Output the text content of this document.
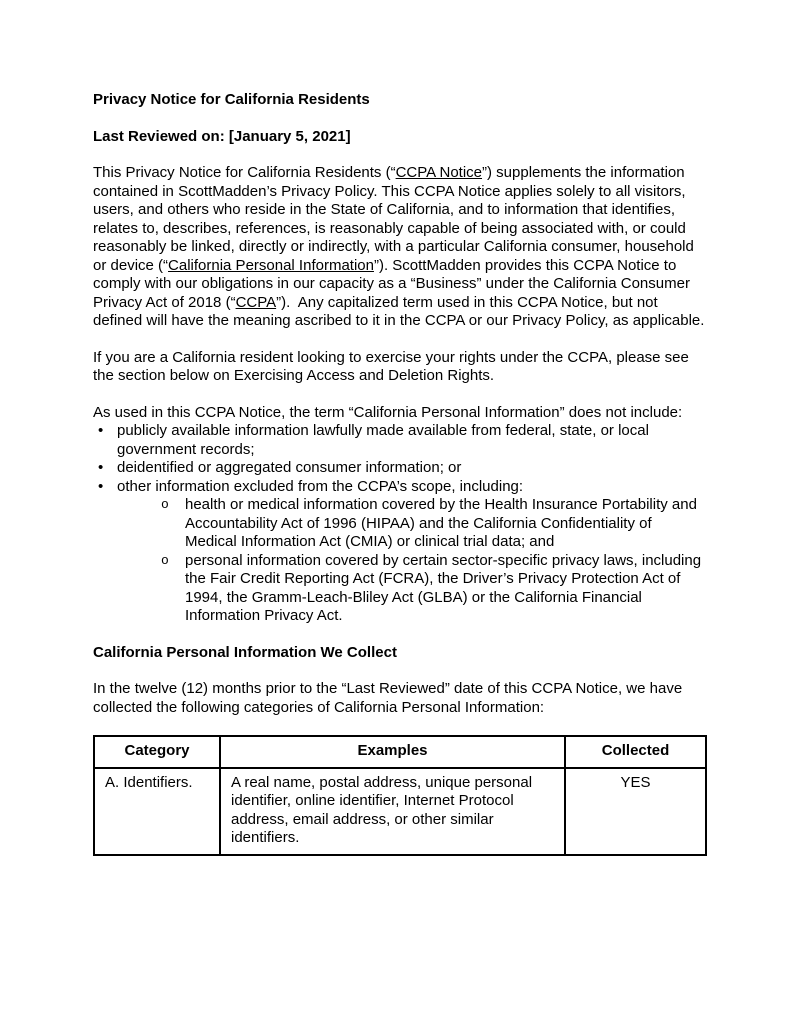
Privacy Notice for California Residents

Last Reviewed on: [January 5, 2021]

This Privacy Notice for California Residents (“CCPA Notice”) supplements the information contained in ScottMadden’s Privacy Policy. This CCPA Notice applies solely to all visitors, users, and others who reside in the State of California, and to information that identifies, relates to, describes, references, is reasonably capable of being associated with, or could reasonably be linked, directly or indirectly, with a particular California consumer, household or device (“California Personal Information”). ScottMadden provides this CCPA Notice to comply with our obligations in our capacity as a “Business” under the California Consumer Privacy Act of 2018 (“CCPA”).  Any capitalized term used in this CCPA Notice, but not defined will have the meaning ascribed to it in the CCPA or our Privacy Policy, as applicable.

If you are a California resident looking to exercise your rights under the CCPA, please see the section below on Exercising Access and Deletion Rights.

As used in this CCPA Notice, the term “California Personal Information” does not include:

• publicly available information lawfully made available from federal, state, or local government records;
• deidentified or aggregated consumer information; or
• other information excluded from the CCPA’s scope, including:
o health or medical information covered by the Health Insurance Portability and Accountability Act of 1996 (HIPAA) and the California Confidentiality of Medical Information Act (CMIA) or clinical trial data; and
o personal information covered by certain sector-specific privacy laws, including the Fair Credit Reporting Act (FCRA), the Driver’s Privacy Protection Act of 1994, the Gramm-Leach-Bliley Act (GLBA) or the California Financial Information Privacy Act.
California Personal Information We Collect

In the twelve (12) months prior to the “Last Reviewed” date of this CCPA Notice, we have collected the following categories of California Personal Information:

Category	Examples	Collected
A. Identifiers.	A real name, postal address, unique personal identifier, online identifier, Internet Protocol address, email address, or other similar identifiers.	YES
